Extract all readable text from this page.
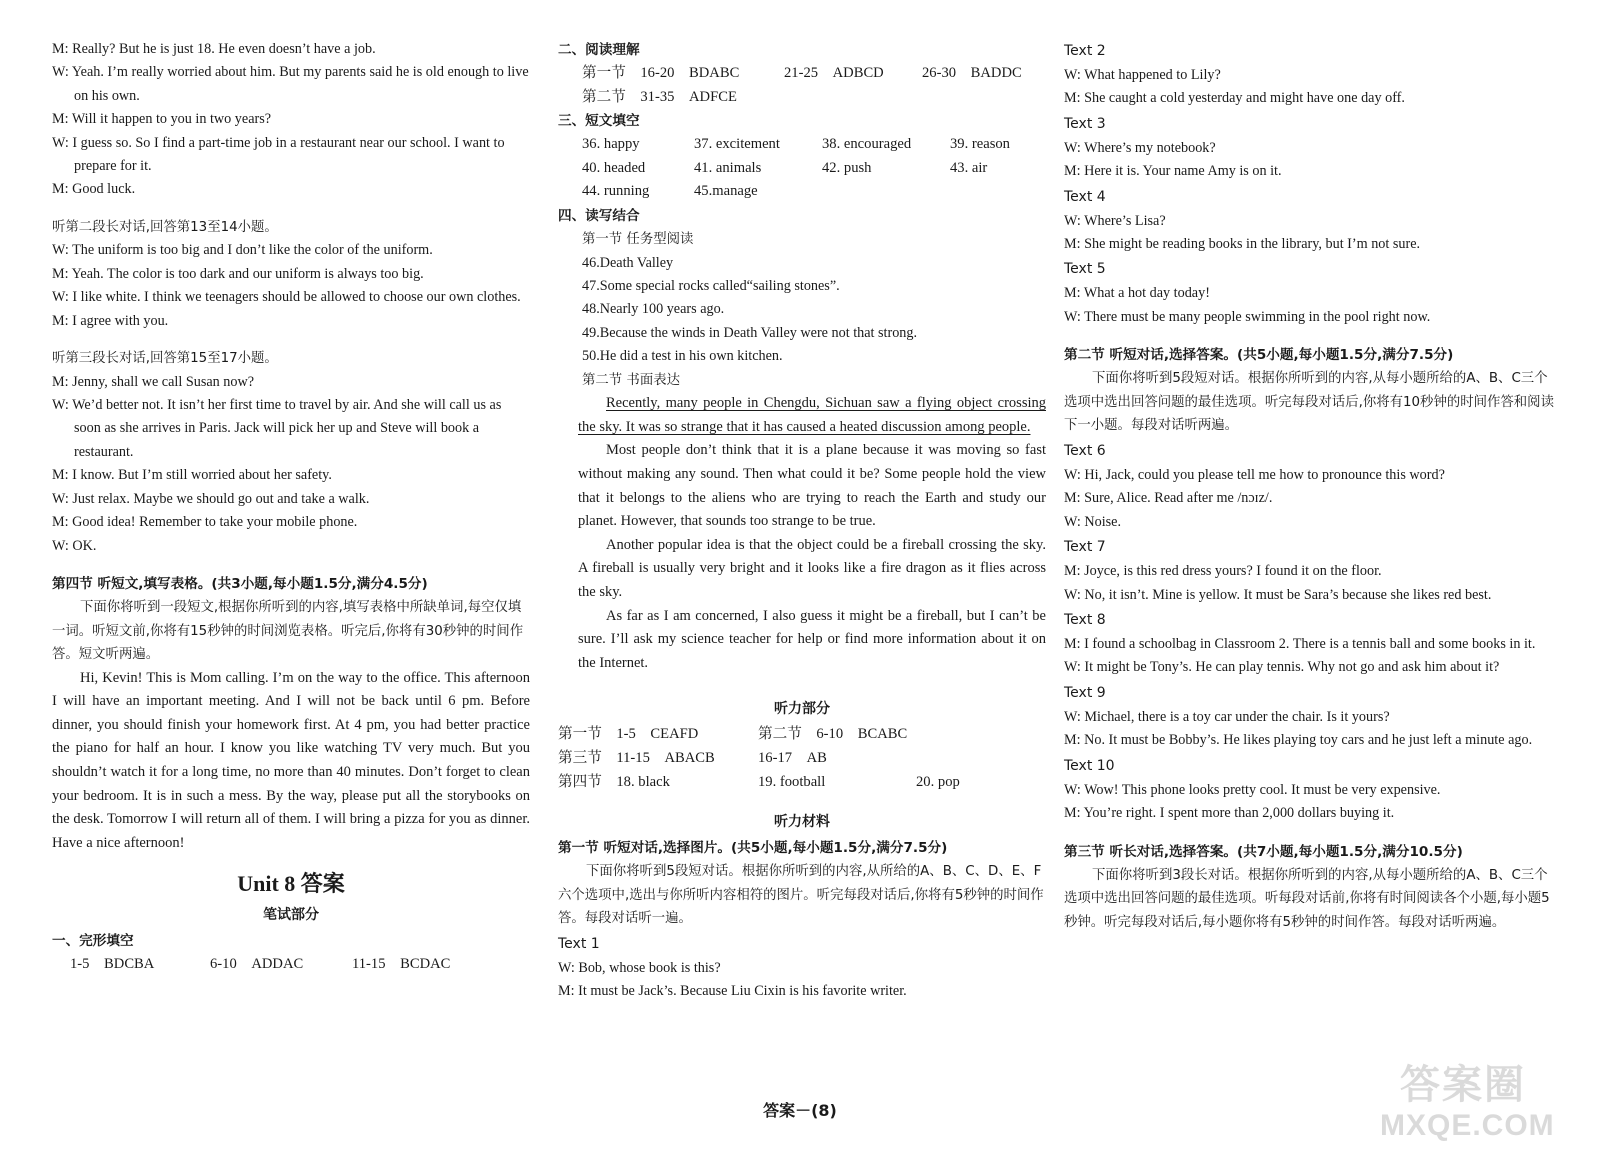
M: Really? But he is just 18. He even doesn’t have a job.
W: Yeah. I’m really worried about him. But my parents said he is old enough to live on his own.
M: Will it happen to you in two years?
W: I guess so. So I find a part-time job in a restaurant near our school. I want to prepare for it.
M: Good luck.
听第二段长对话,回答第13至14小题。
W: The uniform is too big and I don’t like the color of the uniform.
M: Yeah. The color is too dark and our uniform is always too big.
W: I like white. I think we teenagers should be allowed to choose our own clothes.
M: I agree with you.
听第三段长对话,回答第15至17小题。
M: Jenny, shall we call Susan now?
W: We’d better not. It isn’t her first time to travel by air. And she will call us as soon as she arrives in Paris. Jack will pick her up and Steve will book a restaurant.
M: I know. But I’m still worried about her safety.
W: Just relax. Maybe we should go out and take a walk.
M: Good idea! Remember to take your mobile phone.
W: OK.
第四节 听短文,填写表格。(共3小题,每小题1.5分,满分4.5分)
下面你将听到一段短文,根据你所听到的内容,填写表格中所缺单词,每空仅填一词。听短文前,你将有15秒钟的时间浏览表格。听完后,你将有30秒钟的时间作答。短文听两遍。
Hi, Kevin! This is Mom calling. I’m on the way to the office. This afternoon I will have an important meeting. And I will not be back until 6 pm. Before dinner, you should finish your homework first. At 4 pm, you had better practice the piano for half an hour. I know you like watching TV very much. But you shouldn’t watch it for a long time, no more than 40 minutes. Don’t forget to clean your bedroom. It is in such a mess. By the way, please put all the storybooks on the desk. Tomorrow I will return all of them. I will bring a pizza for you as dinner. Have a nice afternoon!
Unit 8 答案
笔试部分
一、完形填空
1-5　BDCBA	6-10　ADDAC	11-15　BCDAC
二、阅读理解
第一节　16-20　BDABC	21-25　ADBCD	26-30　BADDC
第二节　31-35　ADFCE
三、短文填空
36. happy	37. excitement	38. encouraged	39. reason
40. headed	41. animals	42. push	43. air
44. running	45.manage
四、读写结合
第一节 任务型阅读
46.Death Valley
47.Some special rocks called“sailing stones”.
48.Nearly 100 years ago.
49.Because the winds in Death Valley were not that strong.
50.He did a test in his own kitchen.
第二节 书面表达
Recently, many people in Chengdu, Sichuan saw a flying object crossing the sky. It was so strange that it has caused a heated discussion among people.
Most people don’t think that it is a plane because it was moving so fast without making any sound. Then what could it be? Some people hold the view that it belongs to the aliens who are trying to reach the Earth and study our planet. However, that sounds too strange to be true.
Another popular idea is that the object could be a fireball crossing the sky. A fireball is usually very bright and it looks like a fire dragon as it flies across the sky.
As far as I am concerned, I also guess it might be a fireball, but I can’t be sure. I’ll ask my science teacher for help or find more information about it on the Internet.
听力部分
第一节　1-5　CEAFD	第二节　6-10　BCABC
第三节　11-15　ABACB	16-17　AB
第四节　18. black	19. football	20. pop
听力材料
第一节 听短对话,选择图片。(共5小题,每小题1.5分,满分7.5分)
下面你将听到5段短对话。根据你所听到的内容,从所给的A、B、C、D、E、F六个选项中,选出与你所听内容相符的图片。听完每段对话后,你将有5秒钟的时间作答。每段对话听一遍。
Text 1
W: Bob, whose book is this?
M: It must be Jack’s. Because Liu Cixin is his favorite writer.
Text 2
W: What happened to Lily?
M: She caught a cold yesterday and might have one day off.
Text 3
W: Where’s my notebook?
M: Here it is. Your name Amy is on it.
Text 4
W: Where’s Lisa?
M: She might be reading books in the library, but I’m not sure.
Text 5
M: What a hot day today!
W: There must be many people swimming in the pool right now.
第二节 听短对话,选择答案。(共5小题,每小题1.5分,满分7.5分)
下面你将听到5段短对话。根据你所听到的内容,从每小题所给的A、B、C三个选项中选出回答问题的最佳选项。听完每段对话后,你将有10秒钟的时间作答和阅读下一小题。每段对话听两遍。
Text 6
W: Hi, Jack, could you please tell me how to pronounce this word?
M: Sure, Alice. Read after me /nɔɪz/.
W: Noise.
Text 7
M: Joyce, is this red dress yours? I found it on the floor.
W: No, it isn’t. Mine is yellow. It must be Sara’s because she likes red best.
Text 8
M: I found a schoolbag in Classroom 2. There is a tennis ball and some books in it.
W: It might be Tony’s. He can play tennis. Why not go and ask him about it?
Text 9
W: Michael, there is a toy car under the chair. Is it yours?
M: No. It must be Bobby’s. He likes playing toy cars and he just left a minute ago.
Text 10
W: Wow! This phone looks pretty cool. It must be very expensive.
M: You’re right. I spent more than 2,000 dollars buying it.
第三节 听长对话,选择答案。(共7小题,每小题1.5分,满分10.5分)
下面你将听到3段长对话。根据你所听到的内容,从每小题所给的A、B、C三个选项中选出回答问题的最佳选项。听每段对话前,你将有时间阅读各个小题,每小题5秒钟。听完每段对话后,每小题你将有5秒钟的时间作答。每段对话听两遍。
答案－(8)
答案圈
MXQE.COM
